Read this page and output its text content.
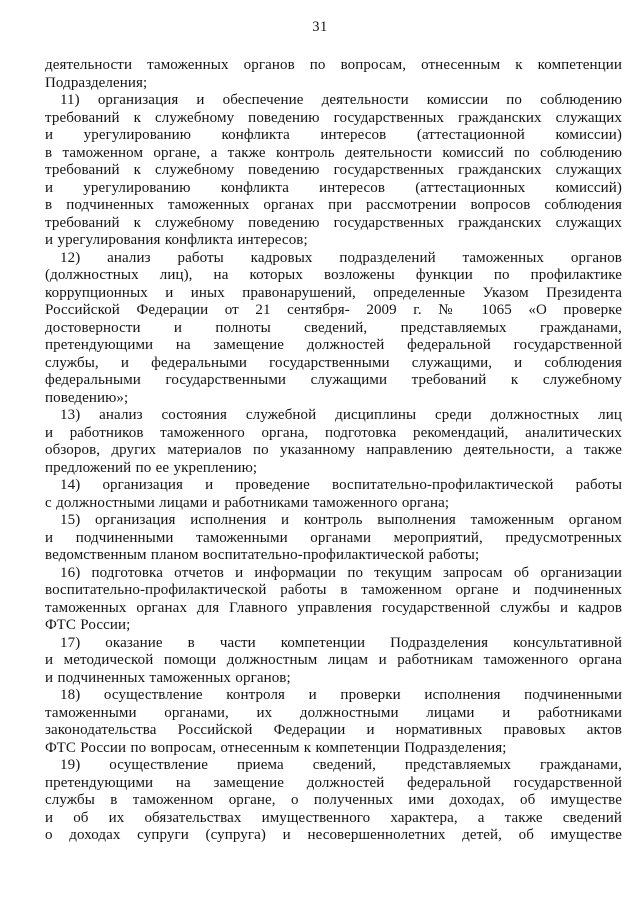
31
деятельности таможенных органов по вопросам, отнесенным к компетенции
Подразделения;
11) организация и обеспечение деятельности комиссии по соблюдению
требований к служебному поведению государственных гражданских служащих
и урегулированию конфликта интересов (аттестационной комиссии)
в таможенном органе, а также контроль деятельности комиссий по соблюдению
требований к служебному поведению государственных гражданских служащих
и урегулированию конфликта интересов (аттестационных комиссий)
в подчиненных таможенных органах при рассмотрении вопросов соблюдения
требований к служебному поведению государственных гражданских служащих
и урегулирования конфликта интересов;
12) анализ работы кадровых подразделений таможенных органов
(должностных лиц), на которых возложены функции по профилактике
коррупционных и иных правонарушений, определенные Указом Президента
Российской Федерации от 21 сентября- 2009 г. № 1065 «О проверке
достоверности и полноты сведений, представляемых гражданами,
претендующими на замещение должностей федеральной государственной
службы, и федеральными государственными служащими, и соблюдения
федеральными государственными служащими требований к служебному
поведению»;
13) анализ состояния служебной дисциплины среди должностных лиц
и работников таможенного органа, подготовка рекомендаций, аналитических
обзоров, других материалов по указанному направлению деятельности, а также
предложений по ее укреплению;
14) организация и проведение воспитательно-профилактической работы
с должностными лицами и работниками таможенного органа;
15) организация исполнения и контроль выполнения таможенным органом
и подчиненными таможенными органами мероприятий, предусмотренных
ведомственным планом воспитательно-профилактической работы;
16) подготовка отчетов и информации по текущим запросам об организации
воспитательно-профилактической работы в таможенном органе и подчиненных
таможенных органах для Главного управления государственной службы и кадров
ФТС России;
17) оказание в части компетенции Подразделения консультативной
и методической помощи должностным лицам и работникам таможенного органа
и подчиненных таможенных органов;
18) осуществление контроля и проверки исполнения подчиненными
таможенными органами, их должностными лицами и работниками
законодательства Российской Федерации и нормативных правовых актов
ФТС России по вопросам, отнесенным к компетенции Подразделения;
19) осуществление приема сведений, представляемых гражданами,
претендующими на замещение должностей федеральной государственной
службы в таможенном органе, о полученных ими доходах, об имуществе
и об их обязательствах имущественного характера, а также сведений
о доходах супруги (супруга) и несовершеннолетних детей, об имуществе
